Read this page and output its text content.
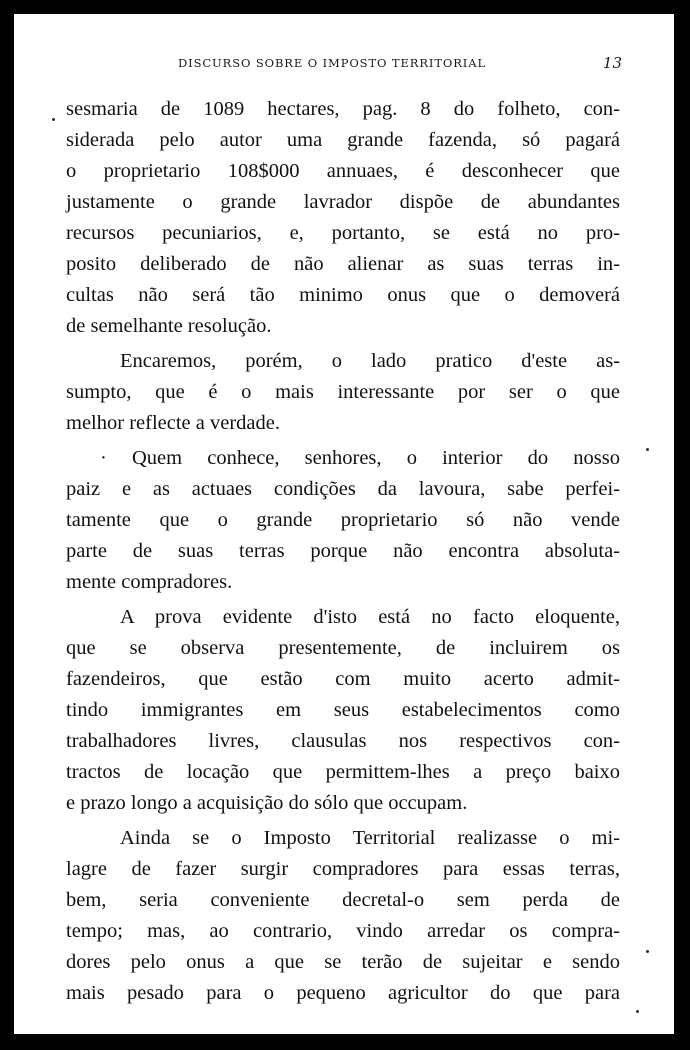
DISCURSO SOBRE O IMPOSTO TERRITORIAL	13

sesmaria de 1089 hectares, pag. 8 do folheto, con-
siderada pelo autor uma grande fazenda, só pagará
o proprietario 108$000 annuaes, é desconhecer que
justamente o grande lavrador dispõe de abundantes
recursos pecuniarios, e, portanto, se está no pro-
posito deliberado de não alienar as suas terras in-
cultas não será tão minimo onus que o demoverá
de semelhante resolução.

Encaremos, porém, o lado pratico d'este as-
sumpto, que é o mais interessante por ser o que
melhor reflecte a verdade.

· Quem conhece, senhores, o interior do nosso
paiz e as actuaes condições da lavoura, sabe perfei-
tamente que o grande proprietario só não vende
parte de suas terras porque não encontra absoluta-
mente compradores.

A prova evidente d'isto está no facto eloquente,
que se observa presentemente, de incluirem os
fazendeiros, que estão com muito acerto admit-
tindo immigrantes em seus estabelecimentos como
trabalhadores livres, clausulas nos respectivos con-
tractos de locação que permittem-lhes a preço baixo
e prazo longo a acquisição do sólo que occupam.

Ainda se o Imposto Territorial realizasse o mi-
lagre de fazer surgir compradores para essas terras,
bem, seria conveniente decretal-o sem perda de
tempo; mas, ao contrario, vindo arredar os compra-
dores pelo onus a que se terão de sujeitar e sendo
mais pesado para o pequeno agricultor do que para
